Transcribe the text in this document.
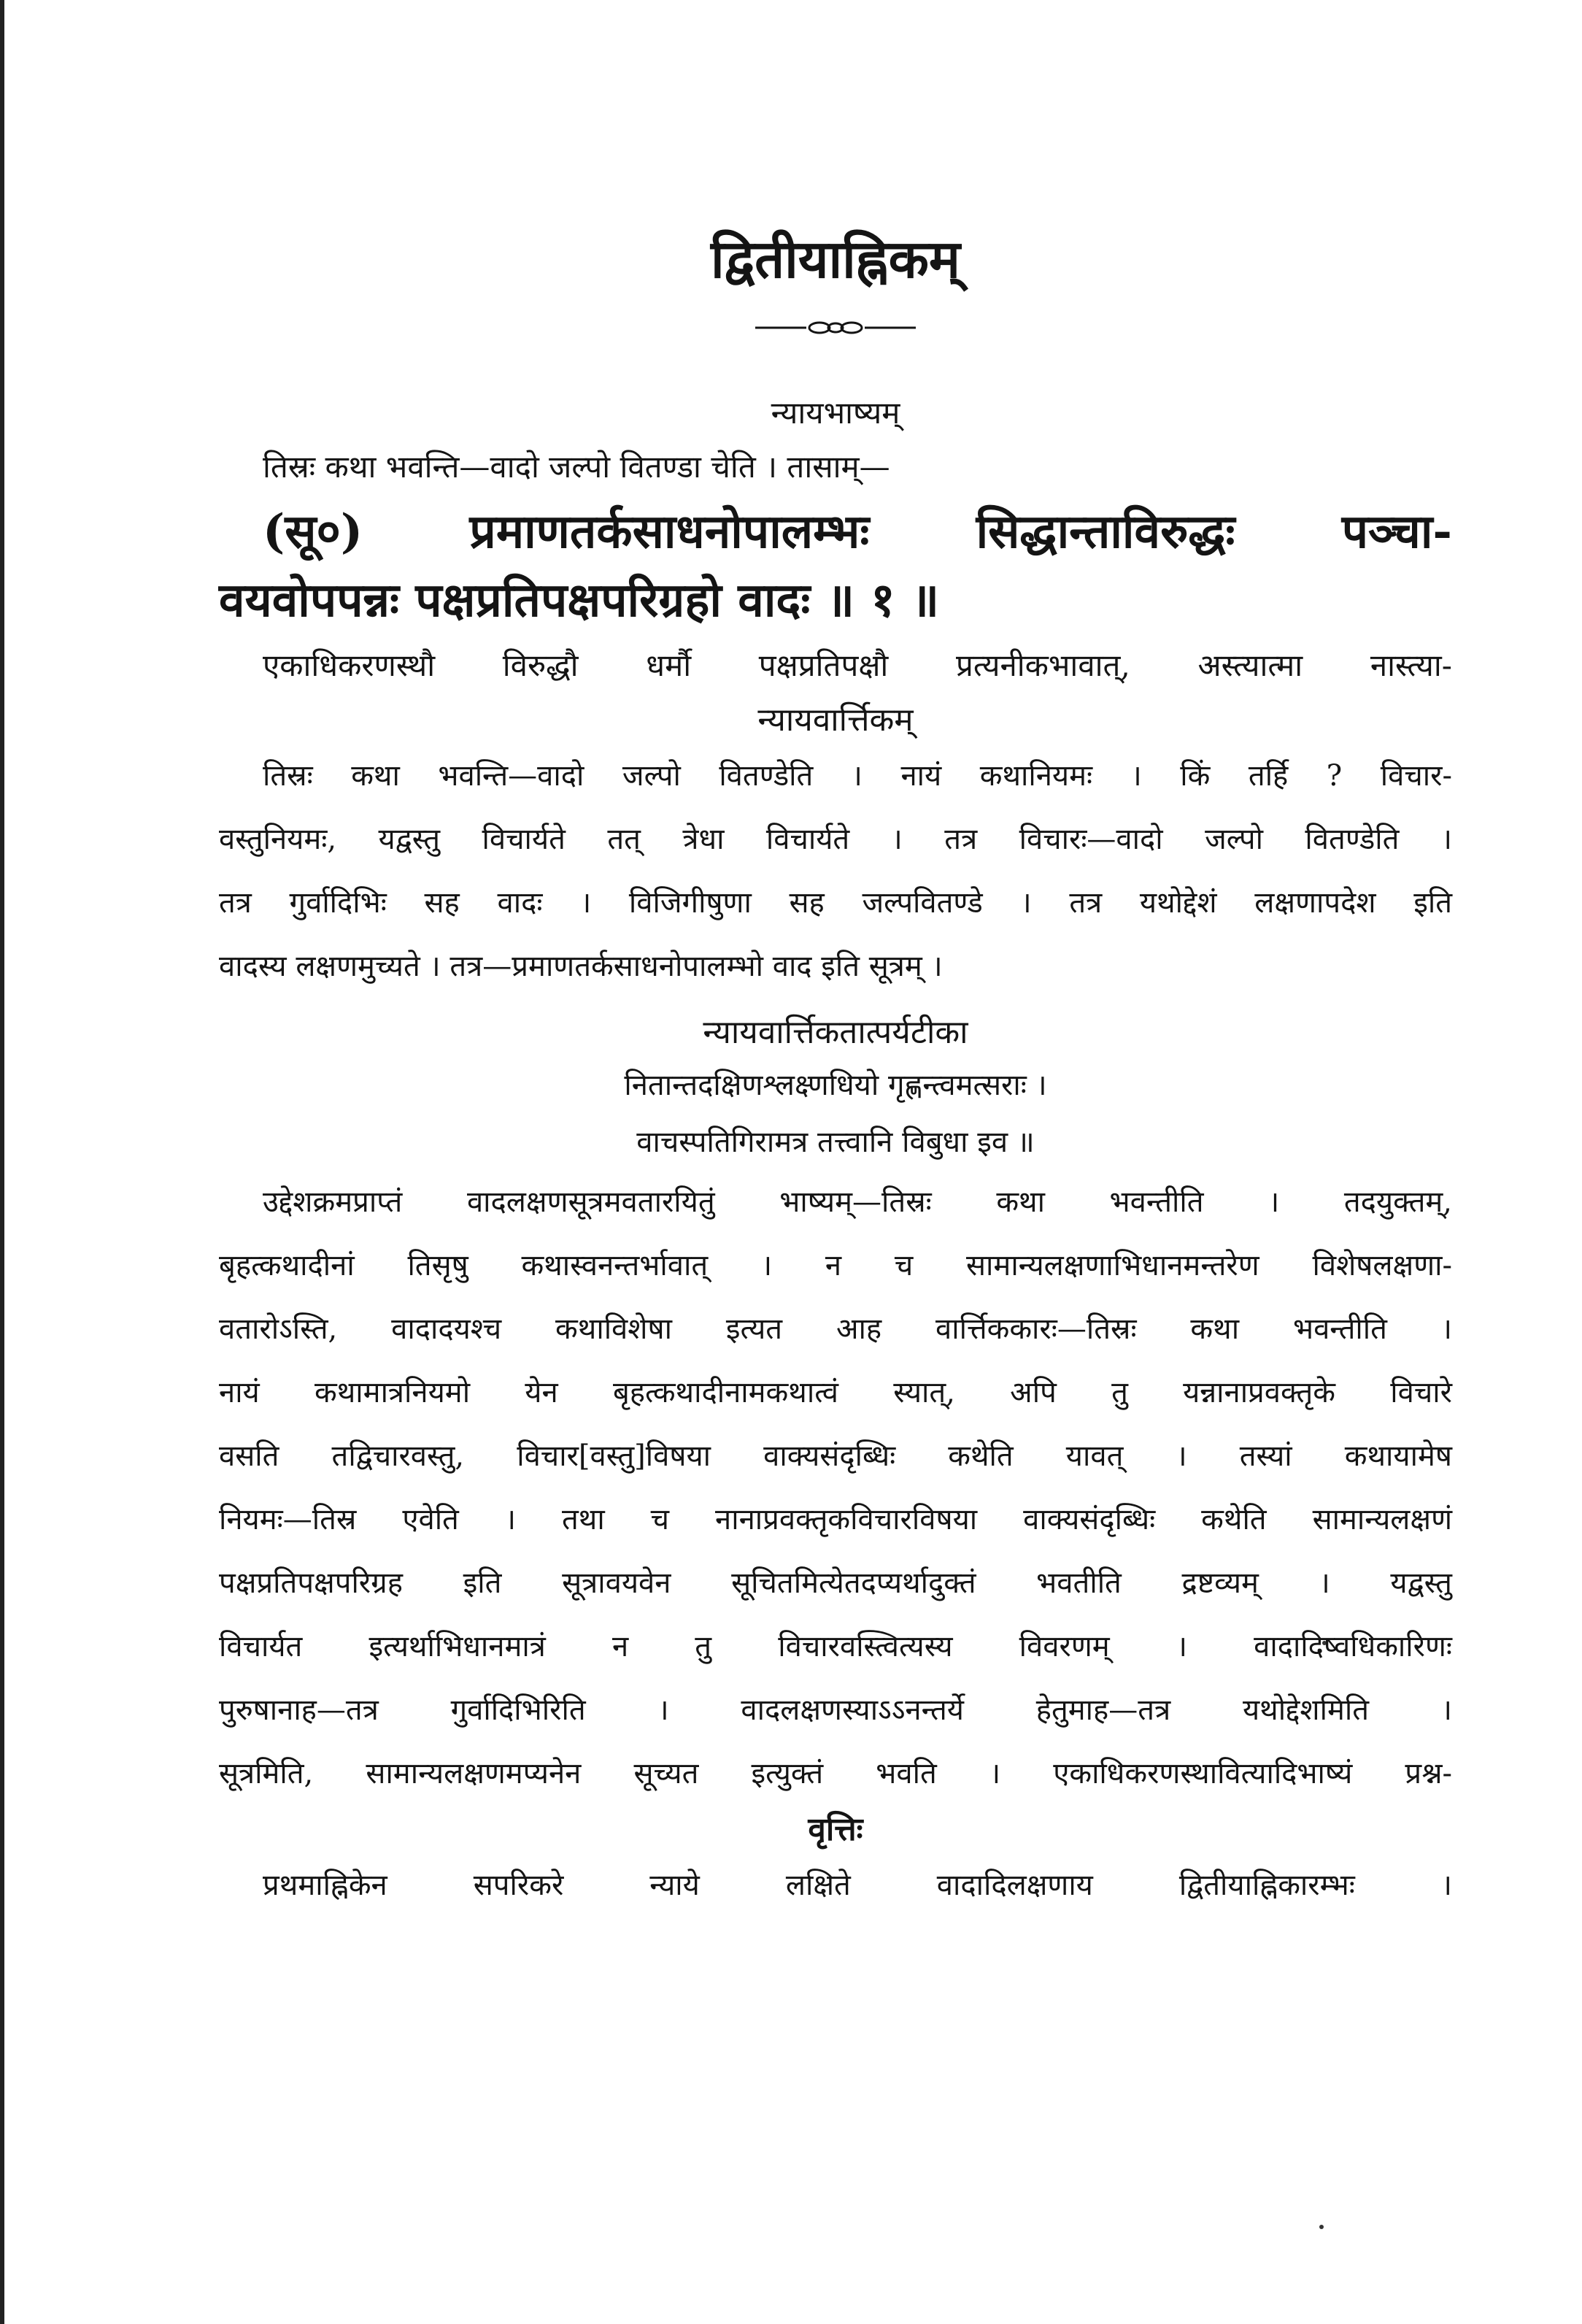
द्वितीयाह्निकम्

न्यायभाष्यम्

तिस्रः कथा भवन्ति—वादो जल्पो वितण्डा चेति । तासाम्—

(सू०) प्रमाणतर्कसाधनोपालम्भः सिद्धान्ताविरुद्धः पञ्चा-

वयवोपपन्नः पक्षप्रतिपक्षपरिग्रहो वादः ॥ १ ॥

एकाधिकरणस्थौ विरुद्धौ धर्मौ पक्षप्रतिपक्षौ प्रत्यनीकभावात्, अस्त्यात्मा नास्त्या-

न्यायवार्त्तिकम्

तिस्रः कथा भवन्ति—वादो जल्पो वितण्डेति । नायं कथानियमः । किं तर्हि ? विचार-

वस्तुनियमः, यद्वस्तु विचार्यते तत् त्रेधा विचार्यते । तत्र विचारः—वादो जल्पो वितण्डेति ।

तत्र गुर्वादिभिः सह वादः । विजिगीषुणा सह जल्पवितण्डे । तत्र यथोद्देशं लक्षणापदेश इति

वादस्य लक्षणमुच्यते । तत्र—प्रमाणतर्कसाधनोपालम्भो वाद इति सूत्रम् ।

न्यायवार्त्तिकतात्पर्यटीका

नितान्तदक्षिणश्लक्ष्णधियो गृह्णन्त्वमत्सराः ।

वाचस्पतिगिरामत्र तत्त्वानि विबुधा इव ॥

उद्देशक्रमप्राप्तं वादलक्षणसूत्रमवतारयितुं भाष्यम्—तिस्रः कथा भवन्तीति । तदयुक्तम्,

बृहत्कथादीनां तिसृषु कथास्वनन्तर्भावात् । न च सामान्यलक्षणाभिधानमन्तरेण विशेषलक्षणा-

वतारोऽस्ति, वादादयश्च कथाविशेषा इत्यत आह वार्त्तिककारः—तिस्रः कथा भवन्तीति ।

नायं कथामात्रनियमो येन बृहत्कथादीनामकथात्वं स्यात्, अपि तु यन्नानाप्रवक्तृके विचारे

वसति तद्विचारवस्तु, विचार[वस्तु]विषया वाक्यसंदृब्धिः कथेति यावत् । तस्यां कथायामेष

नियमः—तिस्र एवेति । तथा च नानाप्रवक्तृकविचारविषया वाक्यसंदृब्धिः कथेति सामान्यलक्षणं

पक्षप्रतिपक्षपरिग्रह इति सूत्रावयवेन सूचितमित्येतदप्यर्थादुक्तं भवतीति द्रष्टव्यम् । यद्वस्तु

विचार्यत इत्यर्थाभिधानमात्रं न तु विचारवस्त्वित्यस्य विवरणम् । वादादिष्वधिकारिणः

पुरुषानाह—तत्र गुर्वादिभिरिति । वादलक्षणस्याऽऽनन्तर्ये हेतुमाह—तत्र यथोद्देशमिति ।

सूत्रमिति, सामान्यलक्षणमप्यनेन सूच्यत इत्युक्तं भवति । एकाधिकरणस्थावित्यादिभाष्यं प्रश्न-

वृत्तिः

प्रथमाह्निकेन सपरिकरे न्याये लक्षिते वादादिलक्षणाय द्वितीयाह्निकारम्भः ।
